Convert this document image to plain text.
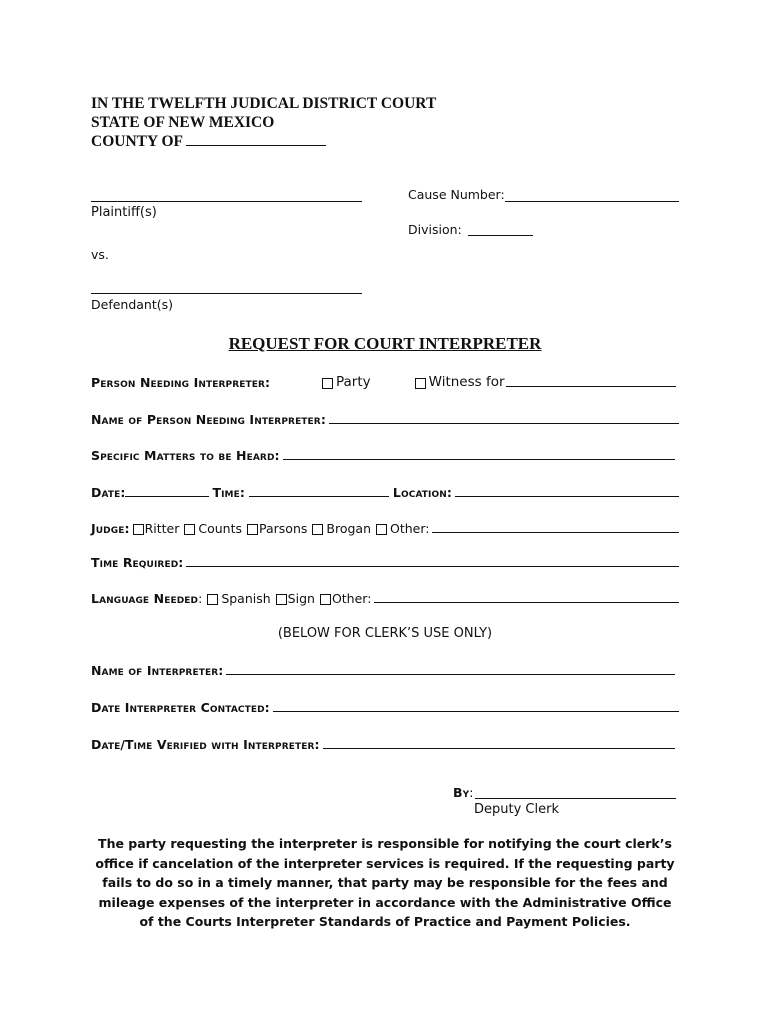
IN THE TWELFTH JUDICAL DISTRICT COURT
STATE OF NEW MEXICO
COUNTY OF
Plaintiff(s)
Cause Number:
Division:
vs.
Defendant(s)
REQUEST FOR COURT INTERPRETER
Person Needing Interpreter:	Party	Witness for
Name of Person Needing Interpreter:
Specific Matters to be Heard:
Date:	Time:	Location:
Judge: Ritter Counts Parsons Brogan Other:
Time Required:
Language Needed : Spanish Sign Other:
(BELOW FOR CLERK’S USE ONLY)
Name of Interpreter:
Date Interpreter Contacted:
Date/Time Verified with Interpreter:
By:
Deputy Clerk
The party requesting the interpreter is responsible for notifying the court clerk’s office if cancelation of the interpreter services is required. If the requesting party fails to do so in a timely manner, that party may be responsible for the fees and mileage expenses of the interpreter in accordance with the Administrative Office of the Courts Interpreter Standards of Practice and Payment Policies.
